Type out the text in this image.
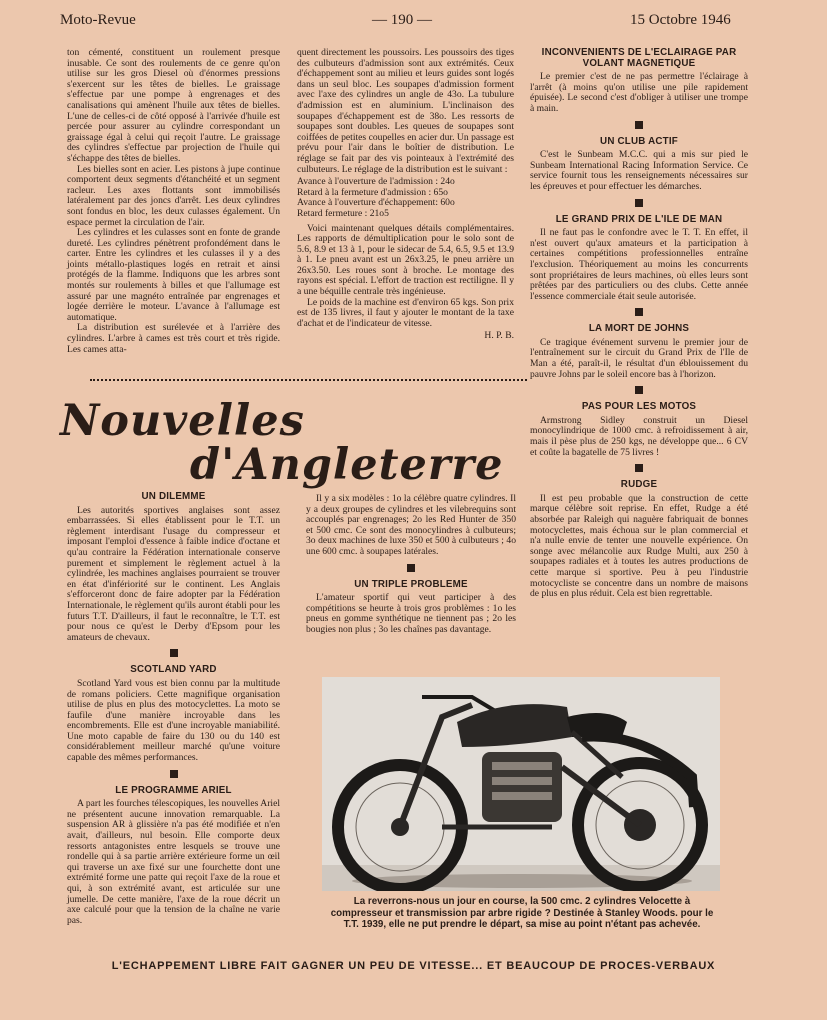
Moto-Revue	— 190 —	15 Octobre 1946

ton cémenté, constituent un roulement presque inusable. Ce sont des roulements de ce genre qu'on utilise sur les gros Diesel où d'énormes pressions s'exercent sur les têtes de bielles. Le graissage s'effectue par une pompe à engrenages et des canalisations qui amènent l'huile aux têtes de bielles. L'une de celles-ci de côté opposé à l'arrivée d'huile est percée pour assurer au cylindre correspondant un graissage égal à celui qui reçoit l'autre. Le graissage des cylindres s'effectue par projection de l'huile qui s'échappe des têtes de bielles.

Les bielles sont en acier. Les pistons à jupe continue comportent deux segments d'étanchéité et un segment racleur. Les axes flottants sont immobilisés latéralement par des joncs d'arrêt. Les deux cylindres sont fondus en bloc, les deux culasses également. Un espace permet la circulation de l'air.

Les cylindres et les culasses sont en fonte de grande dureté. Les cylindres pénètrent profondément dans le carter. Entre les cylindres et les culasses il y a des joints métallo-plastiques logés en retrait et ainsi protégés de la flamme. Indiquons que les arbres sont montés sur roulements à billes et que l'allumage est assuré par une magnéto entraînée par engrenages et logée derrière le moteur. L'avance à l'allumage est automatique.

La distribution est surélevée et à l'arrière des cylindres. L'arbre à cames est très court et très rigide. Les cames atta-

quent directement les poussoirs. Les poussoirs des tiges des culbuteurs d'admission sont aux extrémités. Ceux d'échappement sont au milieu et leurs guides sont logés dans un seul bloc. Les soupapes d'admission forment avec l'axe des cylindres un angle de 43o. La tubulure d'admission est en aluminium. L'inclinaison des soupapes d'échappement est de 38o. Les ressorts de soupapes sont doubles. Les queues de soupapes sont coiffées de petites coupelles en acier dur. Un passage est prévu pour l'air dans le boîtier de distribution. Le réglage se fait par des vis pointeaux à l'extrémité des culbuteurs. Le réglage de la distribution est le suivant :

Avance à l'ouverture de l'admission : 24o
Retard à la fermeture d'admission : 65o
Avance à l'ouverture d'échappement: 60o
Retard fermeture : 21o5

Voici maintenant quelques détails complémentaires. Les rapports de démultiplication pour le solo sont de 5.6, 8.9 et 13 à 1, pour le sidecar de 5.4, 6.5, 9.5 et 13.9 à 1. Le pneu avant est un 26x3.25, le pneu arrière un 26x3.50. Les roues sont à broche. Le montage des rayons est spécial. L'effort de traction est rectiligne. Il y a une béquille centrale très ingénieuse.

Le poids de la machine est d'environ 65 kgs. Son prix est de 135 livres, il faut y ajouter le montant de la taxe d'achat et de l'indicateur de vitesse.

H. P. B.
Nouvelles
d'Angleterre
UN DILEMME

Les autorités sportives anglaises sont assez embarrassées. Si elles établissent pour le T.T. un règlement interdisant l'usage du compresseur et imposant l'emploi d'essence à faible indice d'octane et qu'au contraire la Fédération internationale conserve purement et simplement le règlement actuel à la cylindrée, les machines anglaises pourraient se trouver en état d'infériorité sur le continent. Les Anglais s'efforceront donc de faire adopter par la Fédération Internationale, le règlement qu'ils auront établi pour les futurs T.T. D'ailleurs, il faut le reconnaître, le T.T. est pour nous ce qu'est le Derby d'Epsom pour les amateurs de chevaux.

SCOTLAND YARD

Scotland Yard vous est bien connu par la multitude de romans policiers. Cette magnifique organisation utilise de plus en plus des motocyclettes. La moto se faufile d'une manière incroyable dans les encombrements. Elle est d'une incroyable maniabilité. Une moto capable de faire du 130 ou du 140 est considérablement meilleur marché qu'une voiture capable des mêmes performances.

LE PROGRAMME ARIEL

A part les fourches télescopiques, les nouvelles Ariel ne présentent aucune innovation remarquable. La suspension AR à glissière n'a pas été modifiée et n'en avait, d'ailleurs, nul besoin. Elle comporte deux ressorts antagonistes entre lesquels se trouve une rondelle qui à sa partie arrière extérieure forme un œil qui traverse un axe fixé sur une fourchette dont une extrémité forme une patte qui reçoit l'axe de la roue et qui, à son extrémité avant, est articulée sur une jumelle. De cette manière, l'axe de la roue décrit un axe calculé pour que la tension de la chaîne ne varie pas.

Il y a six modèles : 1o la célèbre quatre cylindres. Il y a deux groupes de cylindres et les vilebrequins sont accouplés par engrenages; 2o les Red Hunter de 350 et 500 cmc. Ce sont des monocylindres à culbuteurs; 3o deux machines de luxe 350 et 500 à culbuteurs ; 4o une 600 cmc. à soupapes latérales.

UN TRIPLE PROBLEME

L'amateur sportif qui veut participer à des compétitions se heurte à trois gros problèmes : 1o les pneus en gomme synthétique ne tiennent pas ; 2o les bougies non plus ; 3o les chaînes pas davantage.

INCONVENIENTS DE L'ECLAIRAGE PAR VOLANT MAGNETIQUE

Le premier c'est de ne pas permettre l'éclairage à l'arrêt (à moins qu'on utilise une pile rapidement épuisée). Le second c'est d'obliger à utiliser une trompe à main.

UN CLUB ACTIF

C'est le Sunbeam M.C.C. qui a mis sur pied le Sunbeam International Racing Information Service. Ce service fournit tous les renseignements nécessaires sur les épreuves et pour effectuer les démarches.

LE GRAND PRIX DE L'ILE DE MAN

Il ne faut pas le confondre avec le T. T. En effet, il n'est ouvert qu'aux amateurs et la participation à certaines compétitions professionnelles entraîne l'exclusion. Théoriquement au moins les concurrents sont propriétaires de leurs machines, où elles leurs sont prêtées par des particuliers ou des clubs. Cette année l'essence commerciale était seule autorisée.

LA MORT DE JOHNS

Ce tragique événement survenu le premier jour de l'entraînement sur le circuit du Grand Prix de l'Ile de Man a été, paraît-il, le résultat d'un éblouissement du pauvre Johns par le soleil encore bas à l'horizon.

PAS POUR LES MOTOS

Armstrong Sidley construit un Diesel monocylindrique de 1000 cmc. à refroidissement à air, mais il pèse plus de 250 kgs, ne développe que... 6 CV et coûte la bagatelle de 75 livres !

RUDGE

Il est peu probable que la construction de cette marque célèbre soit reprise. En effet, Rudge a été absorbée par Raleigh qui naguère fabriquait de bonnes motocyclettes, mais échoua sur le plan commercial et n'a nulle envie de tenter une nouvelle expérience. On songe avec mélancolie aux Rudge Multi, aux 250 à soupapes radiales et à toutes les autres productions de cette marque si sportive. Peu à peu l'industrie motocycliste se concentre dans un nombre de maisons de plus en plus réduit. Cela est bien regrettable.

La reverrons-nous un jour en course, la 500 cmc. 2 cylindres Velocette à compresseur et transmission par arbre rigide ? Destinée à Stanley Woods. pour le T.T. 1939, elle ne put prendre le départ, sa mise au point n'étant pas achevée.
L'ECHAPPEMENT LIBRE FAIT GAGNER UN PEU DE VITESSE... ET BEAUCOUP DE PROCES-VERBAUX
